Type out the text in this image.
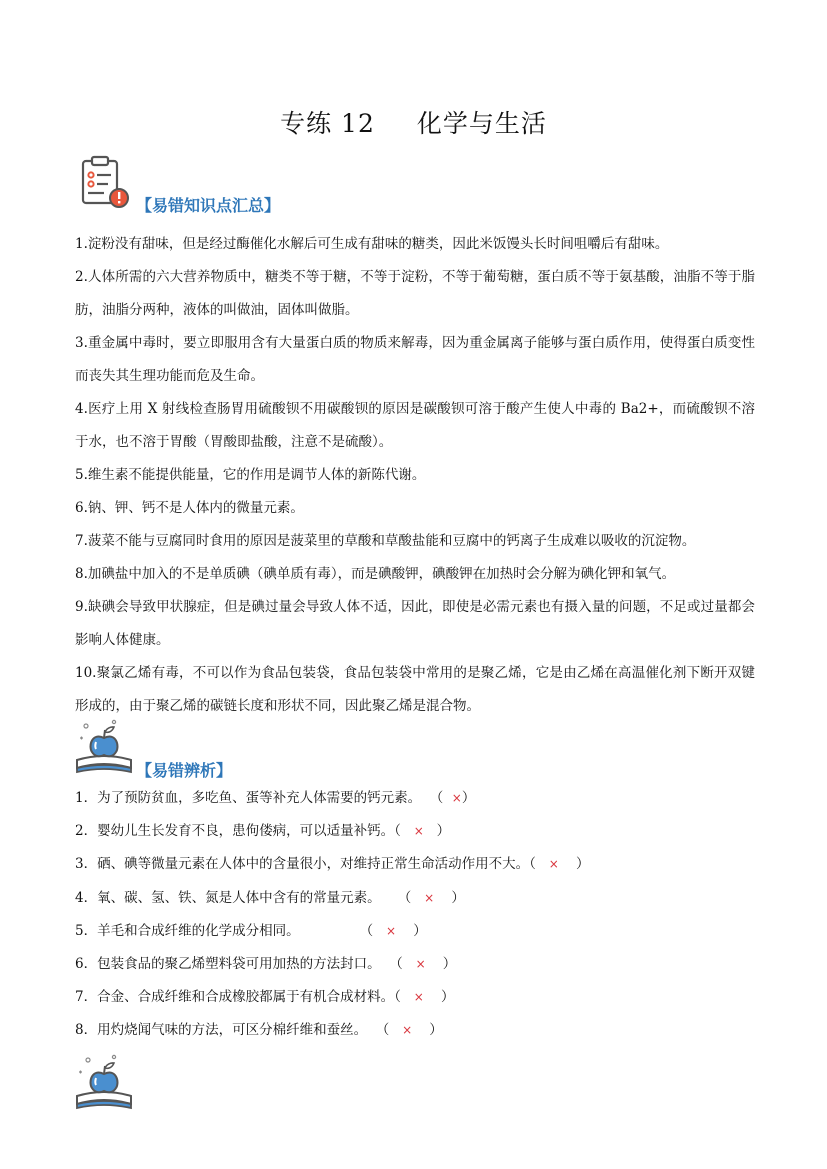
专练 12 化学与生活
【易错知识点汇总】

1.淀粉没有甜味，但是经过酶催化水解后可生成有甜味的糖类，因此米饭馒头长时间咀嚼后有甜味。

2.人体所需的六大营养物质中，糖类不等于糖，不等于淀粉，不等于葡萄糖，蛋白质不等于氨基酸，油脂不等于脂肪，油脂分两种，液体的叫做油，固体叫做脂。

3.重金属中毒时，要立即服用含有大量蛋白质的物质来解毒，因为重金属离子能够与蛋白质作用，使得蛋白质变性而丧失其生理功能而危及生命。

4.医疗上用 X 射线检查肠胃用硫酸钡不用碳酸钡的原因是碳酸钡可溶于酸产生使人中毒的 Ba2+，而硫酸钡不溶于水，也不溶于胃酸（胃酸即盐酸，注意不是硫酸）。

5.维生素不能提供能量，它的作用是调节人体的新陈代谢。

6.钠、钾、钙不是人体内的微量元素。

7.菠菜不能与豆腐同时食用的原因是菠菜里的草酸和草酸盐能和豆腐中的钙离子生成难以吸收的沉淀物。

8.加碘盐中加入的不是单质碘（碘单质有毒），而是碘酸钾，碘酸钾在加热时会分解为碘化钾和氧气。

9.缺碘会导致甲状腺症，但是碘过量会导致人体不适，因此，即使是必需元素也有摄入量的问题，不足或过量都会影响人体健康。

10.聚氯乙烯有毒，不可以作为食品包装袋，食品包装袋中常用的是聚乙烯，它是由乙烯在高温催化剂下断开双键形成的，由于聚乙烯的碳链长度和形状不同，因此聚乙烯是混合物。

【易错辨析】
1．为了预防贫血，多吃鱼、蛋等补充人体需要的钙元素。 （ ×）
2．婴幼儿生长发育不良，患佝偻病，可以适量补钙。（ × ）
3．硒、碘等微量元素在人体中的含量很小，对维持正常生命活动作用不大。（ × ）
4．氧、碳、氢、铁、氮是人体中含有的常量元素。 （ × ）
5．羊毛和合成纤维的化学成分相同。	（ × ）
6．包装食品的聚乙烯塑料袋可用加热的方法封口。 （ × ）
7．合金、合成纤维和合成橡胶都属于有机合成材料。（ × ）
8．用灼烧闻气味的方法，可区分棉纤维和蚕丝。 （ × ）
